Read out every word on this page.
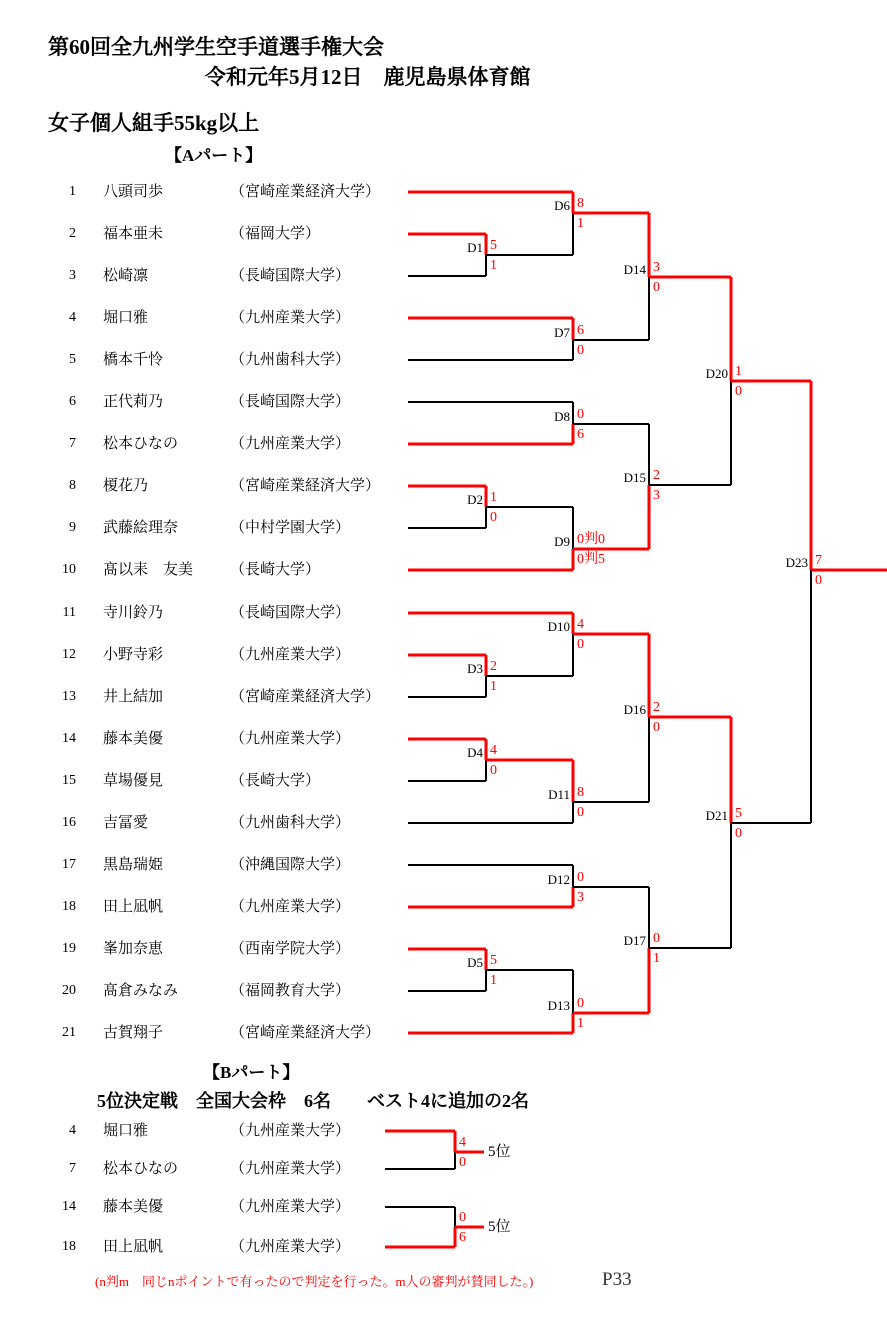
第60回全九州学生空手道選手権大会
令和元年5月12日　鹿児島県体育館
女子個人組手55kg以上
【Aパート】
【Bパート】
5位決定戦　全国大会枠　6名　　ベスト4に追加の2名
(n判m　同じnポイントで有ったので判定を行った。m人の審判が賛同した。)	P33
1 八頭司歩	（宮崎産業経済大学）
2 福本亜未	（福岡大学）
3 松崎凛	（長崎国際大学）
4 堀口雅	（九州産業大学）
5 橋本千怜	（九州歯科大学）
6 正代莉乃	（長崎国際大学）
7 松本ひなの	（九州産業大学）
8 榎花乃	（宮崎産業経済大学）
9 武藤絵理奈	（中村学園大学）
10 髙以耒　友美 （長崎大学）
11 寺川鈴乃	（長崎国際大学）
12 小野寺彩	（九州産業大学）
13 井上結加	（宮崎産業経済大学）
14 藤本美優	（九州産業大学）
15 草場優見	（長崎大学）
16 吉冨愛	（九州歯科大学）
17 黒島瑞姫	（沖縄国際大学）
18 田上凪帆	（九州産業大学）
19 峯加奈恵	（西南学院大学）
20 髙倉みなみ	（福岡教育大学）
21 古賀翔子	（宮崎産業経済大学）
D1 5
1
D2 1
0
D3 2
1
D4 4
0
D5 5
1
D6 8
1
D7 6
0
D8 0
6
D9 0判0
0判5
D10 4
0
D11 8
0
D12 0
3
D13 0
1
D14 3
0
D15 2
3
D16 2
0
D17 0
1
D20 1
0
D21 5
0
D23 7
0
4 堀口雅	（九州産業大学）
7 松本ひなの	（九州産業大学）
14 藤本美優	（九州産業大学）
18 田上凪帆	（九州産業大学）
4
0
5位
0
6
5位
